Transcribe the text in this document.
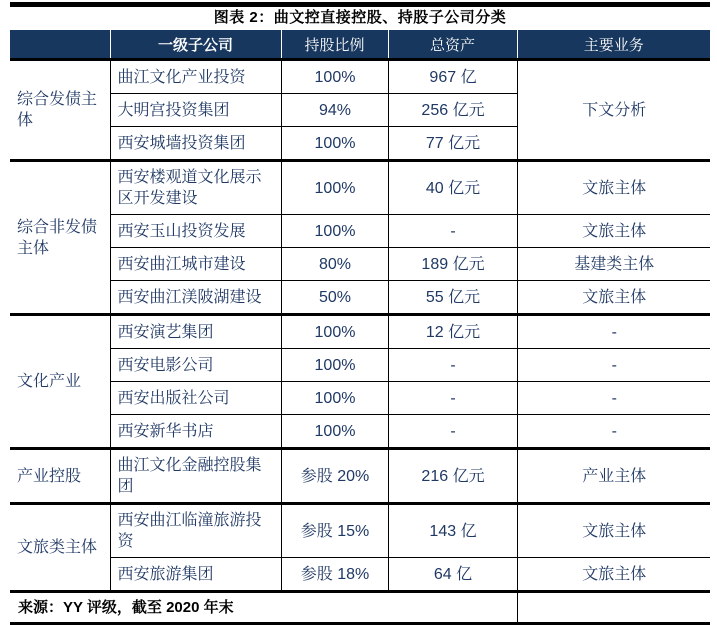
图表 2：曲文控直接控股、持股子公司分类
	一级子公司	持股比例	总资产	主要业务
综合发债主体	曲江文化产业投资	100%	967 亿	下文分析
	大明宫投资集团	94%	256 亿元	
	西安城墙投资集团	100%	77 亿元	
综合非发债主体	西安楼观道文化展示区开发建设	100%	40 亿元	文旅主体
	西安玉山投资发展	100%	-	文旅主体
	西安曲江城市建设	80%	189 亿元	基建类主体
	西安曲江渼陂湖建设	50%	55 亿元	文旅主体
文化产业	西安演艺集团	100%	12 亿元	-
	西安电影公司	100%	-	-
	西安出版社公司	100%	-	-
	西安新华书店	100%	-	-
产业控股	曲江文化金融控股集团	参股 20%	216 亿元	产业主体
文旅类主体	西安曲江临潼旅游投资	参股 15%	143 亿	文旅主体
	西安旅游集团	参股 18%	64 亿	文旅主体
来源：YY 评级，截至 2020 年末				
